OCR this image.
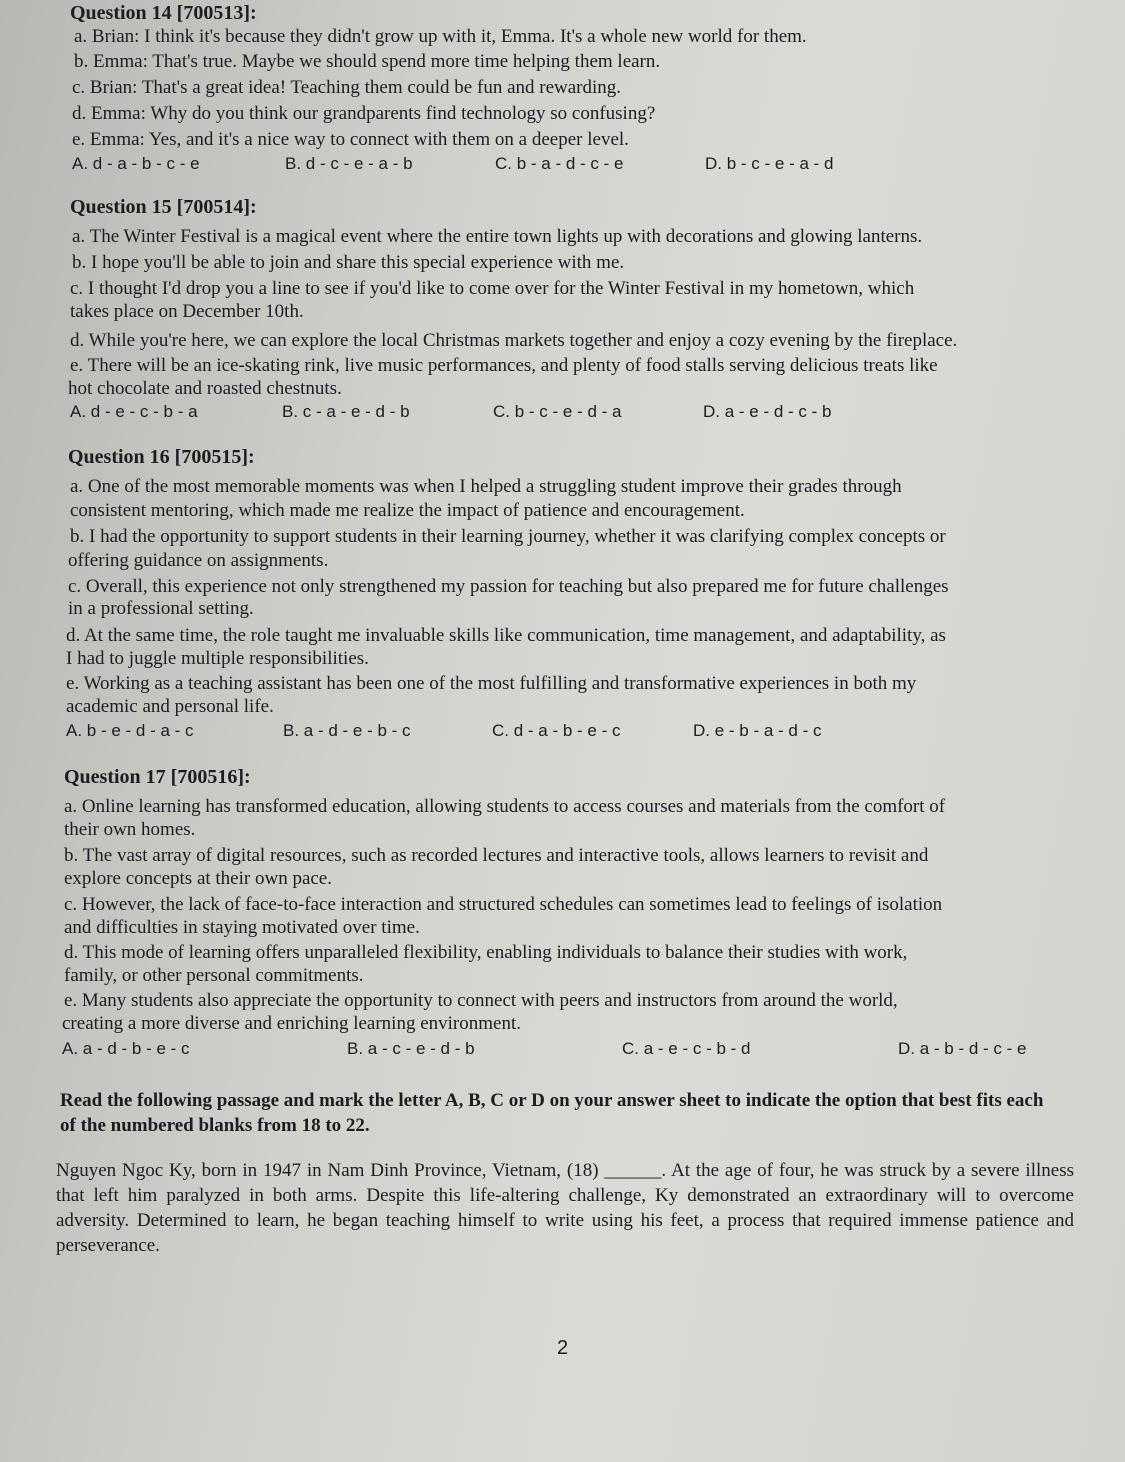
Question 14 [700513]:
a. Brian: I think it's because they didn't grow up with it, Emma. It's a whole new world for them.
b. Emma: That's true. Maybe we should spend more time helping them learn.
c. Brian: That's a great idea! Teaching them could be fun and rewarding.
d. Emma: Why do you think our grandparents find technology so confusing?
e. Emma: Yes, and it's a nice way to connect with them on a deeper level.
A. d - a - b - c - e	B. d - c - e - a - b	C. b - a - d - c - e	D. b - c - e - a - d
Question 15 [700514]:
a. The Winter Festival is a magical event where the entire town lights up with decorations and glowing lanterns.
b. I hope you'll be able to join and share this special experience with me.
c. I thought I'd drop you a line to see if you'd like to come over for the Winter Festival in my hometown, which
takes place on December 10th.
d. While you're here, we can explore the local Christmas markets together and enjoy a cozy evening by the fireplace.
e. There will be an ice-skating rink, live music performances, and plenty of food stalls serving delicious treats like
hot chocolate and roasted chestnuts.
A. d - e - c - b - a	B. c - a - e - d - b	C. b - c - e - d - a	D. a - e - d - c - b
Question 16 [700515]:
a. One of the most memorable moments was when I helped a struggling student improve their grades through
consistent mentoring, which made me realize the impact of patience and encouragement.
b. I had the opportunity to support students in their learning journey, whether it was clarifying complex concepts or
offering guidance on assignments.
c. Overall, this experience not only strengthened my passion for teaching but also prepared me for future challenges
in a professional setting.
d. At the same time, the role taught me invaluable skills like communication, time management, and adaptability, as
I had to juggle multiple responsibilities.
e. Working as a teaching assistant has been one of the most fulfilling and transformative experiences in both my
academic and personal life.
A. b - e - d - a - c	B. a - d - e - b - c	C. d - a - b - e - c	D. e - b - a - d - c
Question 17 [700516]:
a. Online learning has transformed education, allowing students to access courses and materials from the comfort of
their own homes.
b. The vast array of digital resources, such as recorded lectures and interactive tools, allows learners to revisit and
explore concepts at their own pace.
c. However, the lack of face-to-face interaction and structured schedules can sometimes lead to feelings of isolation
and difficulties in staying motivated over time.
d. This mode of learning offers unparalleled flexibility, enabling individuals to balance their studies with work,
family, or other personal commitments.
e. Many students also appreciate the opportunity to connect with peers and instructors from around the world,
creating a more diverse and enriching learning environment.
A. a - d - b - e - c	B. a - c - e - d - b	C. a - e - c - b - d	D. a - b - d - c - e
Read the following passage and mark the letter A, B, C or D on your answer sheet to indicate the option that best fits each of the numbered blanks from 18 to 22.
Nguyen Ngoc Ky, born in 1947 in Nam Dinh Province, Vietnam, (18) ______. At the age of four, he was struck by a severe illness that left him paralyzed in both arms. Despite this life-altering challenge, Ky demonstrated an extraordinary will to overcome adversity. Determined to learn, he began teaching himself to write using his feet, a process that required immense patience and perseverance.
2
